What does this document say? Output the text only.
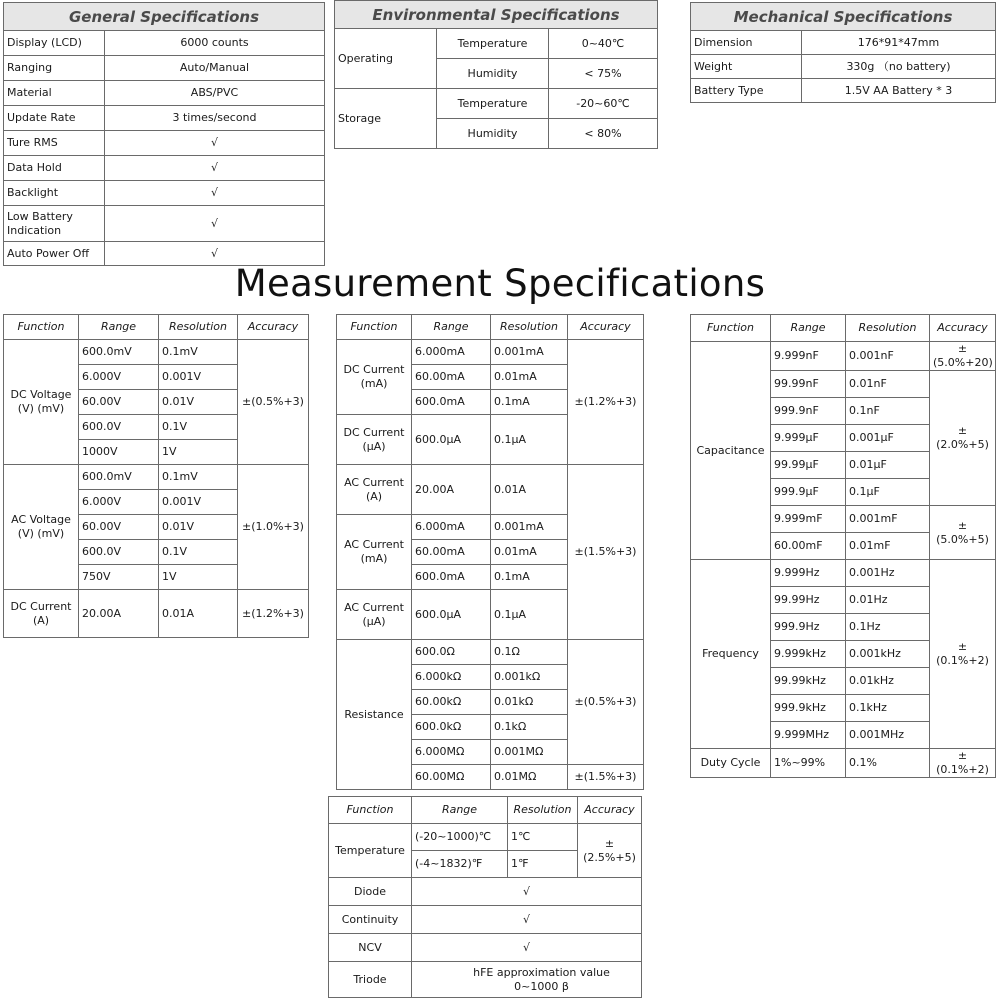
General Specifications
Display (LCD)	6000 counts
Ranging	Auto/Manual
Material	ABS/PVC
Update Rate	3 times/second
Ture RMS	√
Data Hold	√
Backlight	√
Low Battery Indication	√
Auto Power Off	√
Environmental Specifications
Operating	Temperature	0~40℃
	Humidity	< 75%
Storage	Temperature	-20~60℃
	Humidity	< 80%
Mechanical Specifications
Dimension	176*91*47mm
Weight	330g （no battery)
Battery Type	1.5V AA Battery * 3
Measurement Specifications
Function	Range	Resolution	Accuracy
DC Voltage (V) (mV)	600.0mV	0.1mV	±(0.5%+3)
	6.000V	0.001V	
	60.00V	0.01V	
	600.0V	0.1V	
	1000V	1V	
AC Voltage (V) (mV)	600.0mV	0.1mV	±(1.0%+3)
	6.000V	0.001V	
	60.00V	0.01V	
	600.0V	0.1V	
	750V	1V	
DC Current (A)	20.00A	0.01A	±(1.2%+3)
Function	Range	Resolution	Accuracy
DC Current (mA)	6.000mA	0.001mA	±(1.2%+3)
	60.00mA	0.01mA	
	600.0mA	0.1mA	
DC Current (μA)	600.0μA	0.1μA	
AC Current (A)	20.00A	0.01A	±(1.5%+3)
AC Current (mA)	6.000mA	0.001mA	
	60.00mA	0.01mA	
	600.0mA	0.1mA	
AC Current (μA)	600.0μA	0.1μA	
Resistance	600.0Ω	0.1Ω	±(0.5%+3)
	6.000kΩ	0.001kΩ	
	60.00kΩ	0.01kΩ	
	600.0kΩ	0.1kΩ	
	6.000MΩ	0.001MΩ	
	60.00MΩ	0.01MΩ	±(1.5%+3)
Function	Range	Resolution	Accuracy
Capacitance	9.999nF	0.001nF	±(5.0%+20)
	99.99nF	0.01nF	±(2.0%+5)
	999.9nF	0.1nF	
	9.999μF	0.001μF	
	99.99μF	0.01μF	
	999.9μF	0.1μF	
	9.999mF	0.001mF	±(5.0%+5)
	60.00mF	0.01mF	
Frequency	9.999Hz	0.001Hz	±(0.1%+2)
	99.99Hz	0.01Hz	
	999.9Hz	0.1Hz	
	9.999kHz	0.001kHz	
	99.99kHz	0.01kHz	
	999.9kHz	0.1kHz	
	9.999MHz	0.001MHz	
Duty Cycle	1%~99%	0.1%	±(0.1%+2)
Function	Range	Resolution	Accuracy
Temperature	(-20~1000)℃	1℃	±(2.5%+5)
	(-4~1832)℉	1℉	
Diode	√		
Continuity	√		
NCV	√		
Triode	hFE approximation value 0~1000 β		
